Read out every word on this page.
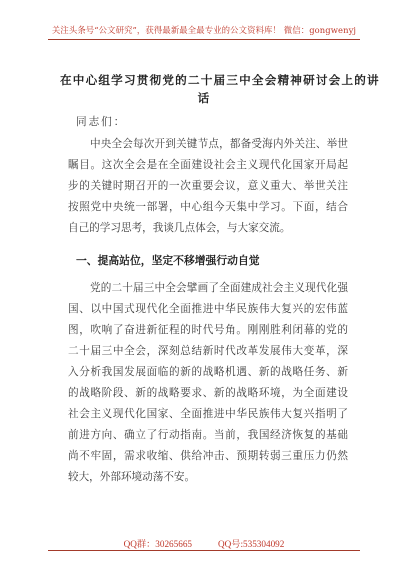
关注头条号“公文研究”，获得最新最全最专业的公文资料库！ 微信：gongwenyj
在中心组学习贯彻党的二十届三中全会精神研讨会上的讲
话
同志们：
中央全会每次开到关键节点，都备受海内外关注、举世
瞩目。这次全会是在全面建设社会主义现代化国家开局起
步的关键时期召开的一次重要会议，意义重大、举世关注
按照党中央统一部署，中心组今天集中学习。下面，结合
自己的学习思考，我谈几点体会，与大家交流。
一、提高站位，坚定不移增强行动自觉
党的二十届三中全会擘画了全面建成社会主义现代化强
国、以中国式现代化全面推进中华民族伟大复兴的宏伟蓝
图，吹响了奋进新征程的时代号角。刚刚胜利闭幕的党的
二十届三中全会，深刻总结新时代改革发展伟大变革，深
入分析我国发展面临的新的战略机遇、新的战略任务、新
的战略阶段、新的战略要求、新的战略环境，为全面建设
社会主义现代化国家、全面推进中华民族伟大复兴指明了
前进方向、确立了行动指南。当前，我国经济恢复的基础
尚不牢固，需求收缩、供给冲击、预期转弱三重压力仍然
较大，外部环境动荡不安。
QQ群：30265665	QQ号:535304092
